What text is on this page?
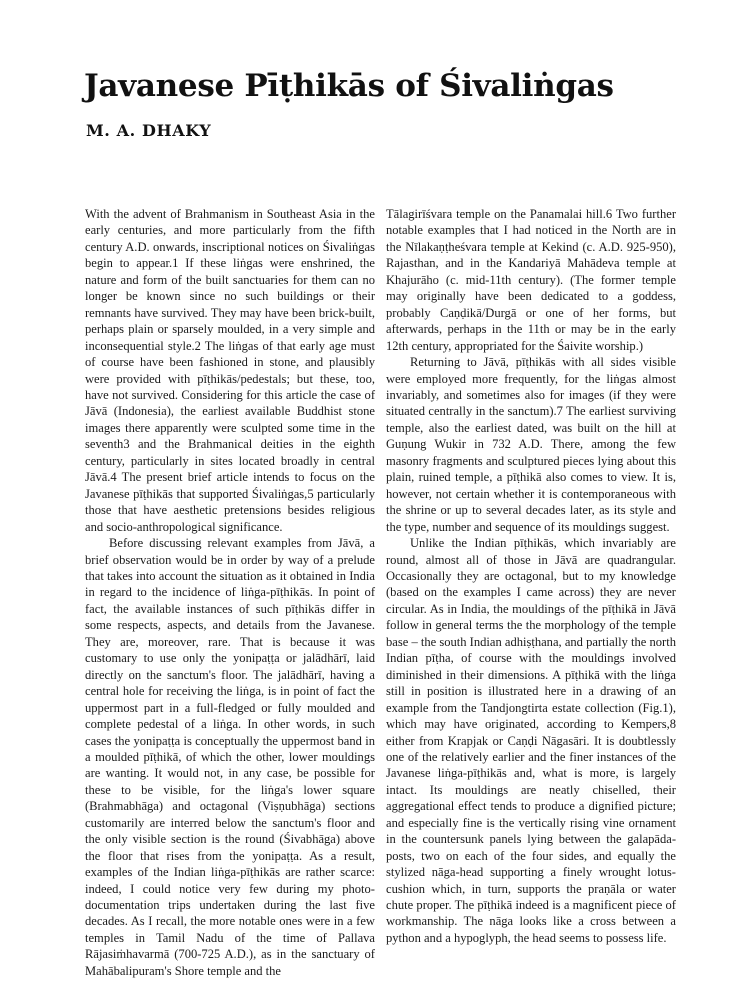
Javanese Pīṭhikās of Śivaliṅgas
M. A. DHAKY

With the advent of Brahmanism in Southeast Asia in the early centuries, and more particularly from the fifth century A.D. onwards, inscriptional notices on Śivaliṅgas begin to appear.1 If these liṅgas were enshrined, the nature and form of the built sanctuaries for them can no longer be known since no such buildings or their remnants have survived. They may have been brick-built, perhaps plain or sparsely moulded, in a very simple and inconsequential style.2 The liṅgas of that early age must of course have been fashioned in stone, and plausibly were provided with pīṭhikās/pedestals; but these, too, have not survived. Considering for this article the case of Jāvā (Indonesia), the earliest available Buddhist stone images there apparently were sculpted some time in the seventh3 and the Brahmanical deities in the eighth century, particularly in sites located broadly in central Jāvā.4 The present brief article intends to focus on the Javanese pīṭhikās that supported Śivaliṅgas,5 particularly those that have aesthetic pretensions besides religious and socio-anthropological significance.

Before discussing relevant examples from Jāvā, a brief observation would be in order by way of a prelude that takes into account the situation as it obtained in India in regard to the incidence of liṅga-pīṭhikās. In point of fact, the available instances of such pīṭhikās differ in some respects, aspects, and details from the Javanese. They are, moreover, rare. That is because it was customary to use only the yonipaṭṭa or jalādhārī, laid directly on the sanctum's floor. The jalādhārī, having a central hole for receiving the liṅga, is in point of fact the uppermost part in a full-fledged or fully moulded and complete pedestal of a liṅga. In other words, in such cases the yonipaṭṭa is conceptually the uppermost band in a moulded pīṭhikā, of which the other, lower mouldings are wanting. It would not, in any case, be possible for these to be visible, for the liṅga's lower square (Brahmabhāga) and octagonal (Viṣṇubhāga) sections customarily are interred below the sanctum's floor and the only visible section is the round (Śivabhāga) above the floor that rises from the yonipaṭṭa. As a result, examples of the Indian liṅga-pīṭhikās are rather scarce: indeed, I could notice very few during my photo-documentation trips undertaken during the last five decades. As I recall, the more notable ones were in a few temples in Tamil Nadu of the time of Pallava Rājasiṁhavarmā (700-725 A.D.), as in the sanctuary of Mahābalipuram's Shore temple and the

Tālagirīśvara temple on the Panamalai hill.6 Two further notable examples that I had noticed in the North are in the Nīlakaṇṭheśvara temple at Kekind (c. A.D. 925-950), Rajasthan, and in the Kandariyā Mahādeva temple at Khajurāho (c. mid-11th century). (The former temple may originally have been dedicated to a goddess, probably Caṇḍikā/Durgā or one of her forms, but afterwards, perhaps in the 11th or may be in the early 12th century, appropriated for the Śaivite worship.)

Returning to Jāvā, pīṭhikās with all sides visible were employed more frequently, for the liṅgas almost invariably, and sometimes also for images (if they were situated centrally in the sanctum).7 The earliest surviving temple, also the earliest dated, was built on the hill at Guṇung Wukir in 732 A.D. There, among the few masonry fragments and sculptured pieces lying about this plain, ruined temple, a pīṭhikā also comes to view. It is, however, not certain whether it is contemporaneous with the shrine or up to several decades later, as its style and the type, number and sequence of its mouldings suggest.

Unlike the Indian pīṭhikās, which invariably are round, almost all of those in Jāvā are quadrangular. Occasionally they are octagonal, but to my knowledge (based on the examples I came across) they are never circular. As in India, the mouldings of the pīṭhikā in Jāvā follow in general terms the the morphology of the temple base – the south Indian adhiṣṭhana, and partially the north Indian pīṭha, of course with the mouldings involved diminished in their dimensions. A pīṭhikā with the liṅga still in position is illustrated here in a drawing of an example from the Tandjongtirta estate collection (Fig.1), which may have originated, according to Kempers,8 either from Krapjak or Caṇḍi Nāgasāri. It is doubtlessly one of the relatively earlier and the finer instances of the Javanese liṅga-pīṭhikās and, what is more, is largely intact. Its mouldings are neatly chiselled, their aggregational effect tends to produce a dignified picture; and especially fine is the vertically rising vine ornament in the countersunk panels lying between the galapāda-posts, two on each of the four sides, and equally the stylized nāga-head supporting a finely wrought lotus-cushion which, in turn, supports the praṇāla or water chute proper. The pīṭhikā indeed is a magnificent piece of workmanship. The nāga looks like a cross between a python and a hypoglyph, the head seems to possess life.
